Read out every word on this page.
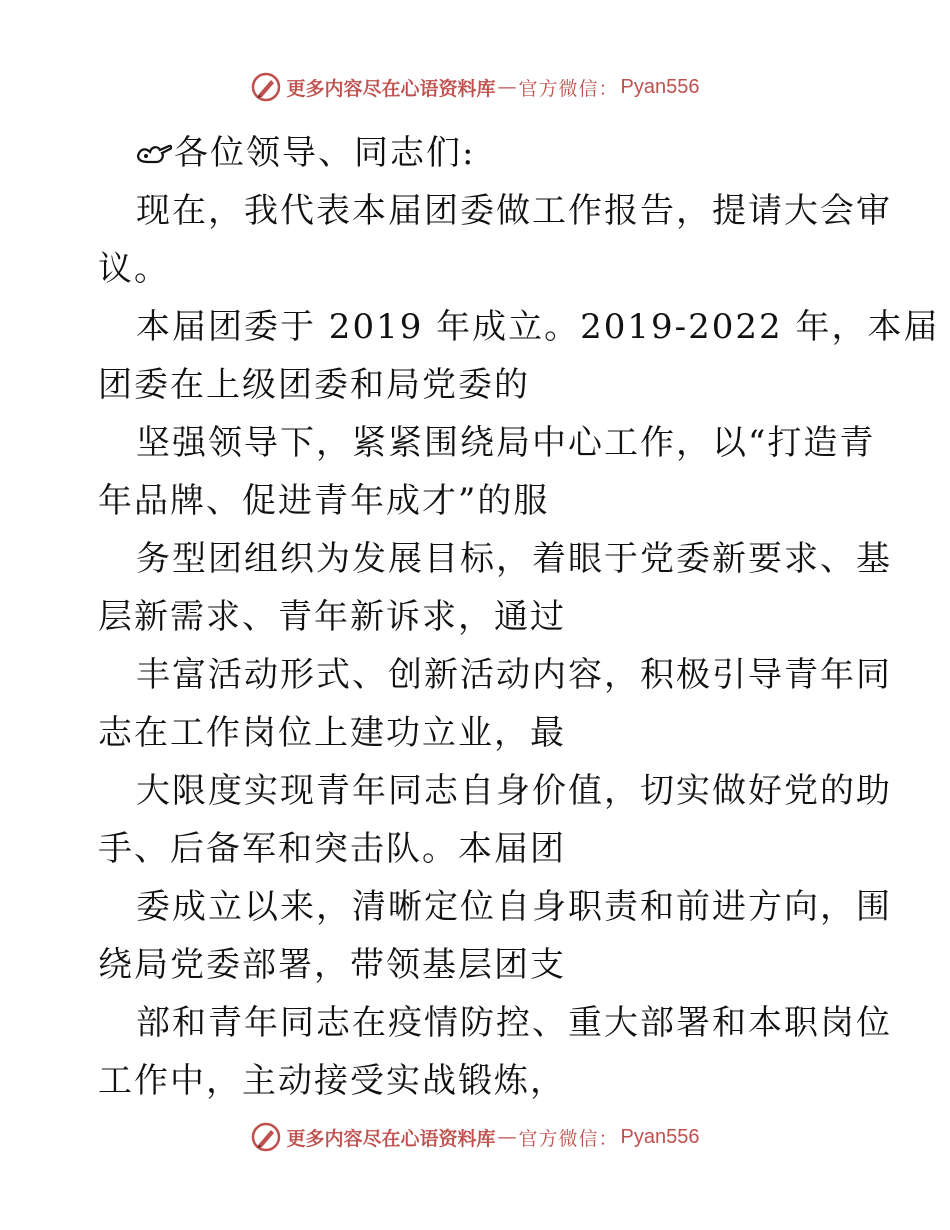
更多内容尽在心语资料库 — 官方微信： Pyan556
各位领导、同志们:
现在，我代表本届团委做工作报告，提请大会审
议。
本届团委于 2019 年成立。2019-2022 年，本届
团委在上级团委和局党委的
坚强领导下，紧紧围绕局中心工作，以“打造青
年品牌、促进青年成才”的服
务型团组织为发展目标，着眼于党委新要求、基
层新需求、青年新诉求，通过
丰富活动形式、创新活动内容，积极引导青年同
志在工作岗位上建功立业，最
大限度实现青年同志自身价值，切实做好党的助
手、后备军和突击队。本届团
委成立以来，清晰定位自身职责和前进方向，围
绕局党委部署，带领基层团支
部和青年同志在疫情防控、重大部署和本职岗位
工作中，主动接受实战锻炼，
更多内容尽在心语资料库 — 官方微信： Pyan556
